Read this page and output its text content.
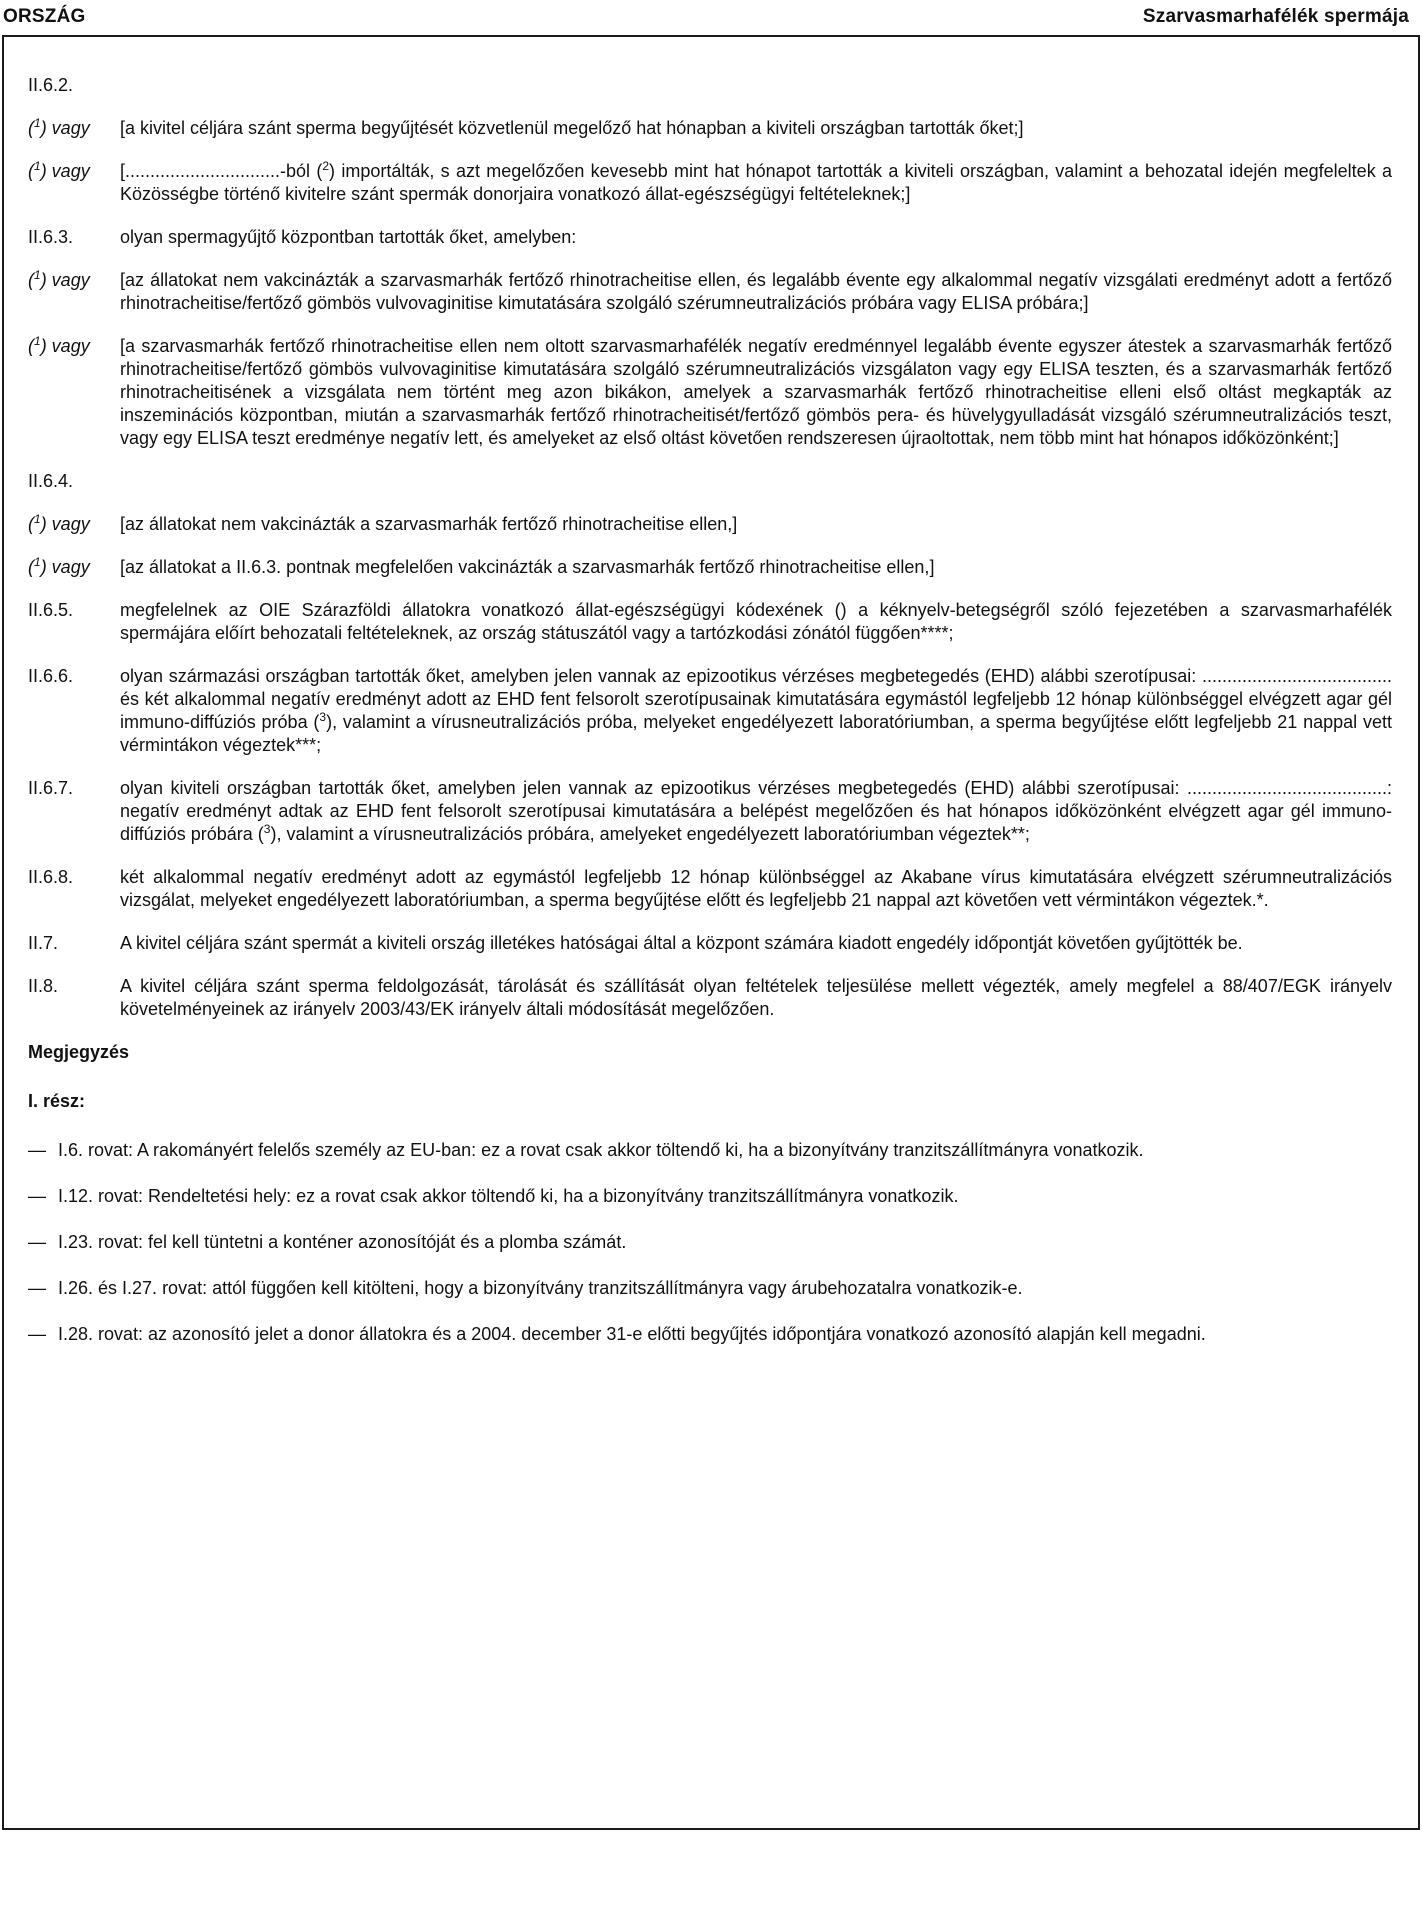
ORSZÁG	Szarvasmarhafélék spermája
II.6.2.
($^1$) vagy	[a kivitel céljára szánt sperma begyűjtését közvetlenül megelőző hat hónapban a kiviteli országban tartották őket;]
($^1$) vagy	[...............................-ból ($^2$) importálták, s azt megelőzően kevesebb mint hat hónapot tartották a kiviteli országban, valamint a behozatal idején megfeleltek a Közösségbe történő kivitelre szánt spermák donorjaira vonatkozó állat-egészségügyi feltételeknek;]
II.6.3.	olyan spermagyűjtő központban tartották őket, amelyben:
($^1$) vagy	[az állatokat nem vakcinázták a szarvasmarhák fertőző rhinotracheitise ellen, és legalább évente egy alkalommal negatív vizsgálati eredményt adott a fertőző rhinotracheitise/fertőző gömbös vulvovaginitise kimutatására szolgáló szérumneutralizációs próbára vagy ELISA próbára;]
($^1$) vagy	[a szarvasmarhák fertőző rhinotracheitise ellen nem oltott szarvasmarhafélék negatív eredménnyel legalább évente egyszer átestek a szarvasmarhák fertőző rhinotracheitise/fertőző gömbös vulvovaginitise kimutatására szolgáló szérumneutralizációs vizsgálaton vagy egy ELISA teszten, és a szarvasmarhák fertőző rhinotracheitisének a vizsgálata nem történt meg azon bikákon, amelyek a szarvasmarhák fertőző rhinotracheitise elleni első oltást megkapták az inszeminációs központban, miután a szarvasmarhák fertőző rhinotracheitisét/fertőző gömbös pera- és hüvelygyulladását vizsgáló szérumneutralizációs teszt, vagy egy ELISA teszt eredménye negatív lett, és amelyeket az első oltást követően rendszeresen újraoltottak, nem több mint hat hónapos időközönként;]
II.6.4.
($^1$) vagy	[az állatokat nem vakcinázták a szarvasmarhák fertőző rhinotracheitise ellen,]
($^1$) vagy	[az állatokat a II.6.3. pontnak megfelelően vakcinázták a szarvasmarhák fertőző rhinotracheitise ellen,]
II.6.5.	megfelelnek az OIE Szárazföldi állatokra vonatkozó állat-egészségügyi kódexének () a kéknyelv-betegségről szóló fejezetében a szarvasmarhafélék spermájára előírt behozatali feltételeknek, az ország státuszától vagy a tartózkodási zónától függően****;
II.6.6.	olyan származási országban tartották őket, amelyben jelen vannak az epizootikus vérzéses megbetegedés (EHD) alábbi szerotípusai: ...................................... és két alkalommal negatív eredményt adott az EHD fent felsorolt szerotípusainak kimutatására egymástól legfeljebb 12 hónap különbséggel elvégzett agar gél immuno-diffúziós próba ($^3$), valamint a vírusneutralizációs próba, melyeket engedélyezett laboratóriumban, a sperma begyűjtése előtt legfeljebb 21 nappal vett vérmintákon végeztek***;
II.6.7.	olyan kiviteli országban tartották őket, amelyben jelen vannak az epizootikus vérzéses megbetegedés (EHD) alábbi szerotípusai: ........................................: negatív eredményt adtak az EHD fent felsorolt szerotípusai kimutatására a belépést megelőzően és hat hónapos időközönként elvégzett agar gél immuno-diffúziós próbára ($^3$), valamint a vírusneutralizációs próbára, amelyeket engedélyezett laboratóriumban végeztek**;
II.6.8.	két alkalommal negatív eredményt adott az egymástól legfeljebb 12 hónap különbséggel az Akabane vírus kimutatására elvégzett szérumneutralizációs vizsgálat, melyeket engedélyezett laboratóriumban, a sperma begyűjtése előtt és legfeljebb 21 nappal azt követően vett vérmintákon végeztek.*.
II.7.	A kivitel céljára szánt spermát a kiviteli ország illetékes hatóságai által a központ számára kiadott engedély időpontját követően gyűjtötték be.
II.8.	A kivitel céljára szánt sperma feldolgozását, tárolását és szállítását olyan feltételek teljesülése mellett végezték, amely megfelel a 88/407/EGK irányelv követelményeinek az irányelv 2003/43/EK irányelv általi módosítását megelőzően.
Megjegyzés
I. rész:
— I.6. rovat: A rakományért felelős személy az EU-ban: ez a rovat csak akkor töltendő ki, ha a bizonyítvány tranzitszállítmányra vonatkozik.
— I.12. rovat: Rendeltetési hely: ez a rovat csak akkor töltendő ki, ha a bizonyítvány tranzitszállítmányra vonatkozik.
— I.23. rovat: fel kell tüntetni a konténer azonosítóját és a plomba számát.
— I.26. és I.27. rovat: attól függően kell kitölteni, hogy a bizonyítvány tranzitszállítmányra vagy árubehozatalra vonatkozik-e.
— I.28. rovat: az azonosító jelet a donor állatokra és a 2004. december 31-e előtti begyűjtés időpontjára vonatkozó azonosító alapján kell megadni.
